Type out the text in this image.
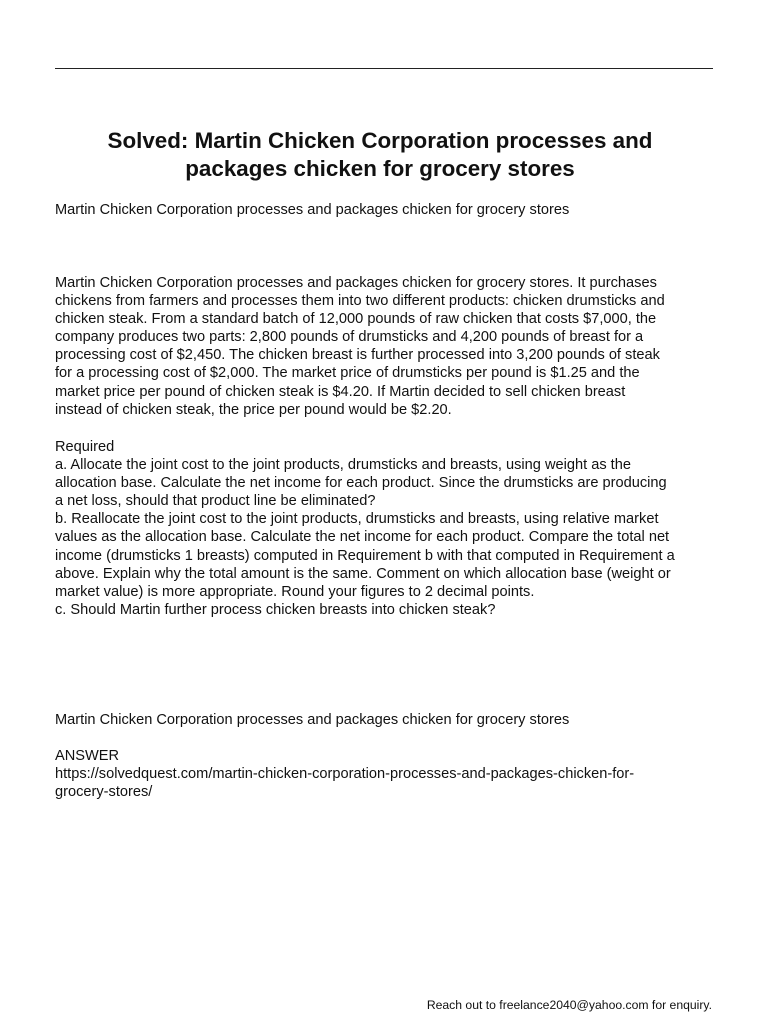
Solved: Martin Chicken Corporation processes and
packages chicken for grocery stores

Martin Chicken Corporation processes and packages chicken for grocery stores

Martin Chicken Corporation processes and packages chicken for grocery stores. It purchases
chickens from farmers and processes them into two different products: chicken drumsticks and
chicken steak. From a standard batch of 12,000 pounds of raw chicken that costs $7,000, the
company produces two parts: 2,800 pounds of drumsticks and 4,200 pounds of breast for a
processing cost of $2,450. The chicken breast is further processed into 3,200 pounds of steak
for a processing cost of $2,000. The market price of drumsticks per pound is $1.25 and the
market price per pound of chicken steak is $4.20. If Martin decided to sell chicken breast
instead of chicken steak, the price per pound would be $2.20.
Required
a. Allocate the joint cost to the joint products, drumsticks and breasts, using weight as the
allocation base. Calculate the net income for each product. Since the drumsticks are producing
a net loss, should that product line be eliminated?
b. Reallocate the joint cost to the joint products, drumsticks and breasts, using relative market
values as the allocation base. Calculate the net income for each product. Compare the total net
income (drumsticks 1 breasts) computed in Requirement b with that computed in Requirement a
above. Explain why the total amount is the same. Comment on which allocation base (weight or
market value) is more appropriate. Round your figures to 2 decimal points.
c. Should Martin further process chicken breasts into chicken steak?

Martin Chicken Corporation processes and packages chicken for grocery stores

ANSWER
https://solvedquest.com/martin-chicken-corporation-processes-and-packages-chicken-for-
grocery-stores/

Reach out to freelance2040@yahoo.com for enquiry.
